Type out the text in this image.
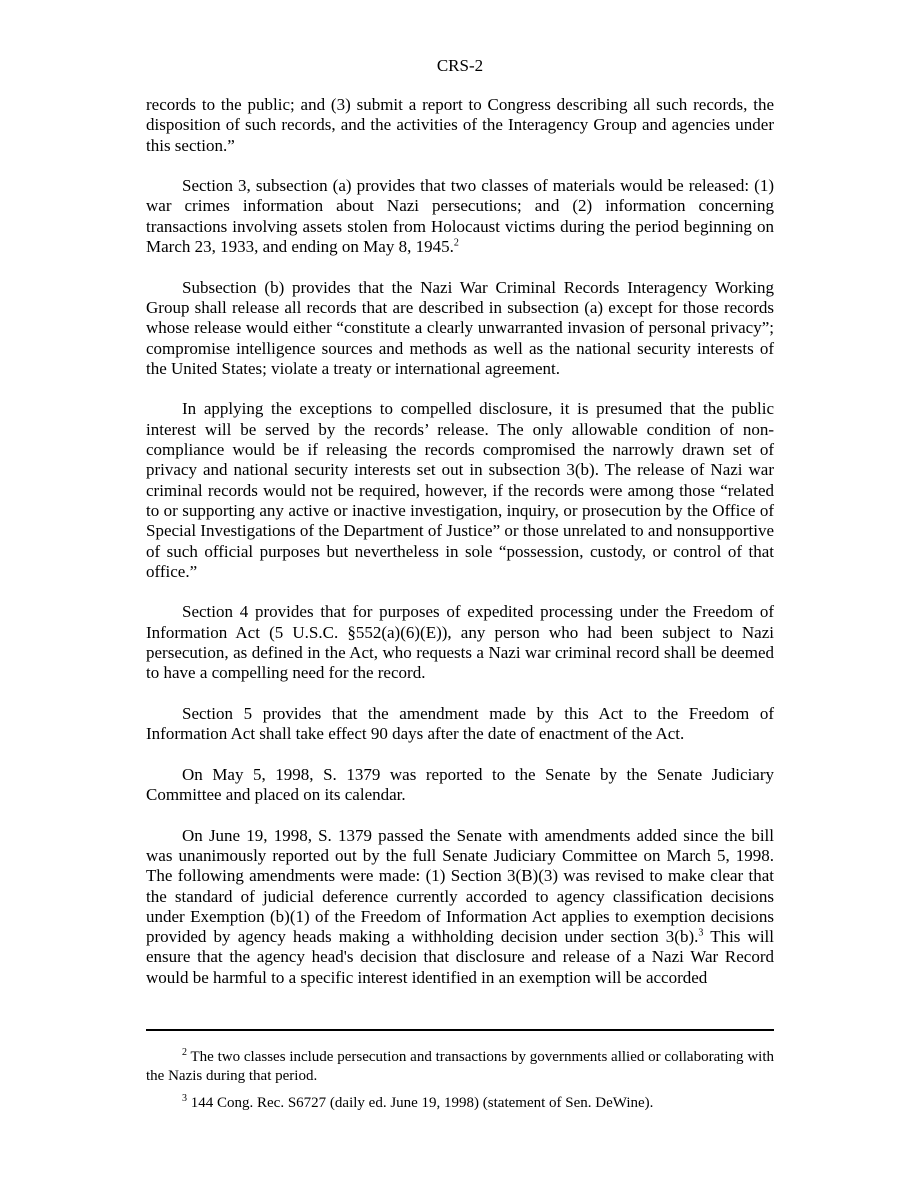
CRS-2

records to the public; and (3) submit a report to Congress describing all such records, the disposition of such records, and the activities of the Interagency Group and agencies under this section.”

Section 3, subsection (a) provides that two classes of materials would be released: (1) war crimes information about Nazi persecutions; and (2) information concerning transactions involving assets stolen from Holocaust victims during the period beginning on March 23, 1933, and ending on May 8, 1945.$^2$

Subsection (b) provides that the Nazi War Criminal Records Interagency Working Group shall release all records that are described in subsection (a) except for those records whose release would either “constitute a clearly unwarranted invasion of personal privacy”; compromise intelligence sources and methods as well as the national security interests of the United States; violate a treaty or international agreement.

In applying the exceptions to compelled disclosure, it is presumed that the public interest will be served by the records’ release. The only allowable condition of non-compliance would be if releasing the records compromised the narrowly drawn set of privacy and national security interests set out in subsection 3(b). The release of Nazi war criminal records would not be required, however, if the records were among those “related to or supporting any active or inactive investigation, inquiry, or prosecution by the Office of Special Investigations of the Department of Justice” or those unrelated to and nonsupportive of such official purposes but nevertheless in sole “possession, custody, or control of that office.”

Section 4 provides that for purposes of expedited processing under the Freedom of Information Act (5 U.S.C. §552(a)(6)(E)), any person who had been subject to Nazi persecution, as defined in the Act, who requests a Nazi war criminal record shall be deemed to have a compelling need for the record.

Section 5 provides that the amendment made by this Act to the Freedom of Information Act shall take effect 90 days after the date of enactment of the Act.

On May 5, 1998, S. 1379 was reported to the Senate by the Senate Judiciary Committee and placed on its calendar.

On June 19, 1998, S. 1379 passed the Senate with amendments added since the bill was unanimously reported out by the full Senate Judiciary Committee on March 5, 1998. The following amendments were made: (1) Section 3(B)(3) was revised to make clear that the standard of judicial deference currently accorded to agency classification decisions under Exemption (b)(1) of the Freedom of Information Act applies to exemption decisions provided by agency heads making a withholding decision under section 3(b).$^3$ This will ensure that the agency head's decision that disclosure and release of a Nazi War Record would be harmful to a specific interest identified in an exemption will be accorded

$^2$ The two classes include persecution and transactions by governments allied or collaborating with the Nazis during that period.

$^3$ 144 Cong. Rec. S6727 (daily ed. June 19, 1998) (statement of Sen. DeWine).
